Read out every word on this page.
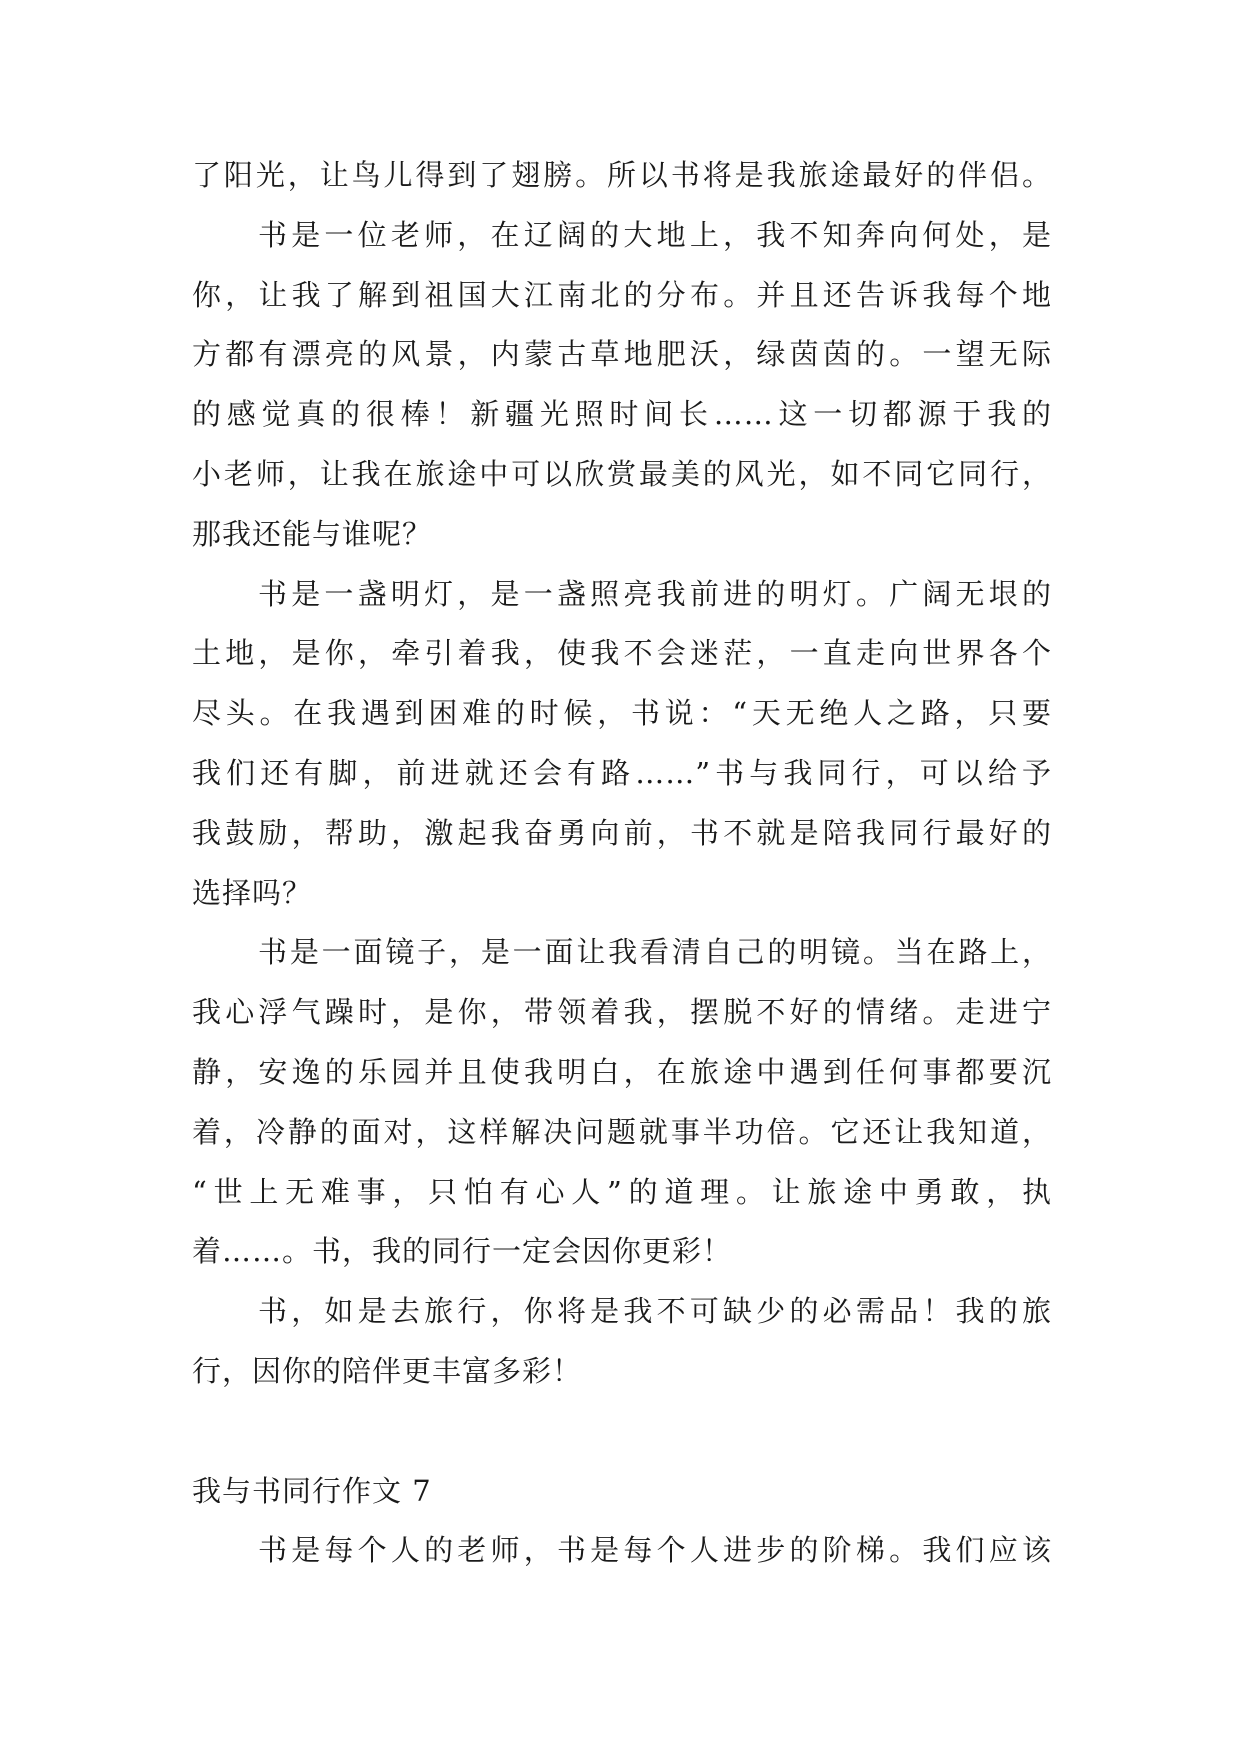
了阳光，让鸟儿得到了翅膀。所以书将是我旅途最好的伴侣。
书是一位老师，在辽阔的大地上，我不知奔向何处，是
你，让我了解到祖国大江南北的分布。并且还告诉我每个地
方都有漂亮的风景，内蒙古草地肥沃，绿茵茵的。一望无际
的感觉真的很棒！新疆光照时间长……这一切都源于我的
小老师，让我在旅途中可以欣赏最美的风光，如不同它同行，
那我还能与谁呢？
书是一盏明灯，是一盏照亮我前进的明灯。广阔无垠的
土地，是你，牵引着我，使我不会迷茫，一直走向世界各个
尽头。在我遇到困难的时候，书说：“天无绝人之路，只要
我们还有脚，前进就还会有路……”书与我同行，可以给予
我鼓励，帮助，激起我奋勇向前，书不就是陪我同行最好的
选择吗？
书是一面镜子，是一面让我看清自己的明镜。当在路上，
我心浮气躁时，是你，带领着我，摆脱不好的情绪。走进宁
静，安逸的乐园并且使我明白，在旅途中遇到任何事都要沉
着，冷静的面对，这样解决问题就事半功倍。它还让我知道，
“世上无难事，只怕有心人”的道理。让旅途中勇敢，执
着……。书，我的同行一定会因你更彩！
书，如是去旅行，你将是我不可缺少的必需品！我的旅
行，因你的陪伴更丰富多彩！
我与书同行作文 7
书是每个人的老师，书是每个人进步的阶梯。我们应该
